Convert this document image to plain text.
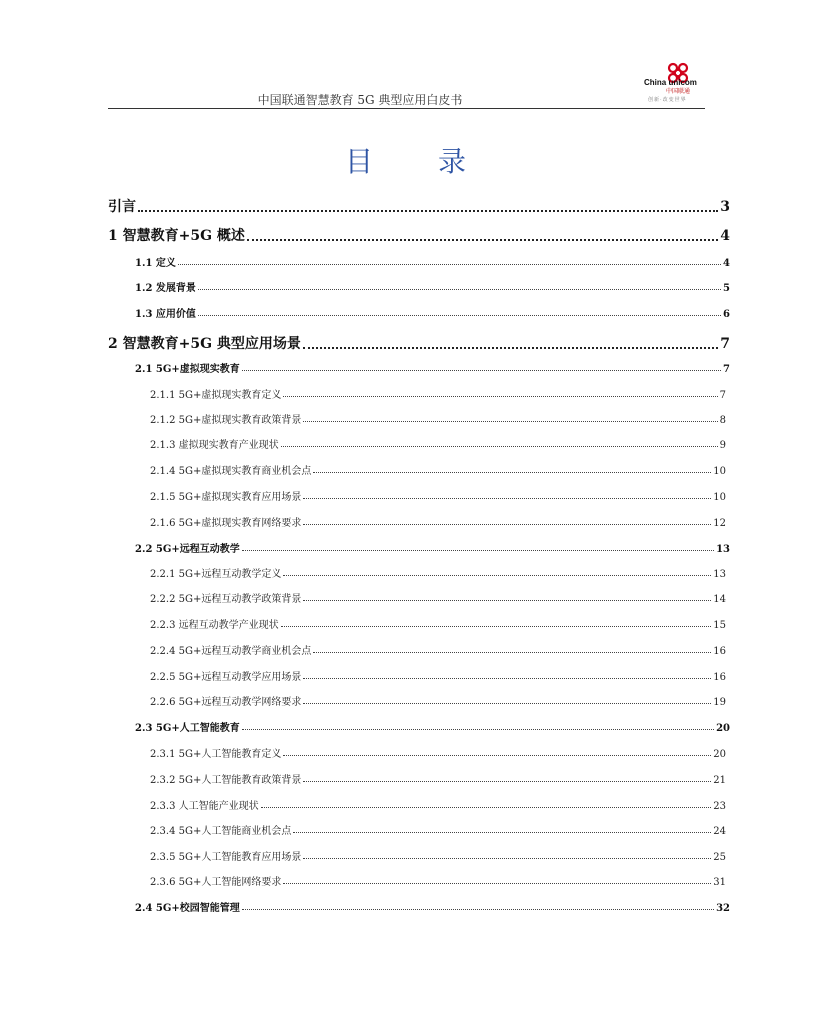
中国联通智慧教育 5G 典型应用白皮书
China unicom
中国联通
创新·改变世界
目 录
引言	3
1 智慧教育+5G 概述	4
1.1 定义	4
1.2 发展背景	5
1.3 应用价值	6
2 智慧教育+5G 典型应用场景	7
2.1 5G+虚拟现实教育	7
2.1.1 5G+虚拟现实教育定义	7
2.1.2 5G+虚拟现实教育政策背景	8
2.1.3 虚拟现实教育产业现状	9
2.1.4 5G+虚拟现实教育商业机会点	10
2.1.5 5G+虚拟现实教育应用场景	10
2.1.6 5G+虚拟现实教育网络要求	12
2.2 5G+远程互动教学	13
2.2.1 5G+远程互动教学定义	13
2.2.2 5G+远程互动教学政策背景	14
2.2.3 远程互动教学产业现状	15
2.2.4 5G+远程互动教学商业机会点	16
2.2.5 5G+远程互动教学应用场景	16
2.2.6 5G+远程互动教学网络要求	19
2.3 5G+人工智能教育	20
2.3.1 5G+人工智能教育定义	20
2.3.2 5G+人工智能教育政策背景	21
2.3.3 人工智能产业现状	23
2.3.4 5G+人工智能商业机会点	24
2.3.5 5G+人工智能教育应用场景	25
2.3.6 5G+人工智能网络要求	31
2.4 5G+校园智能管理	32
